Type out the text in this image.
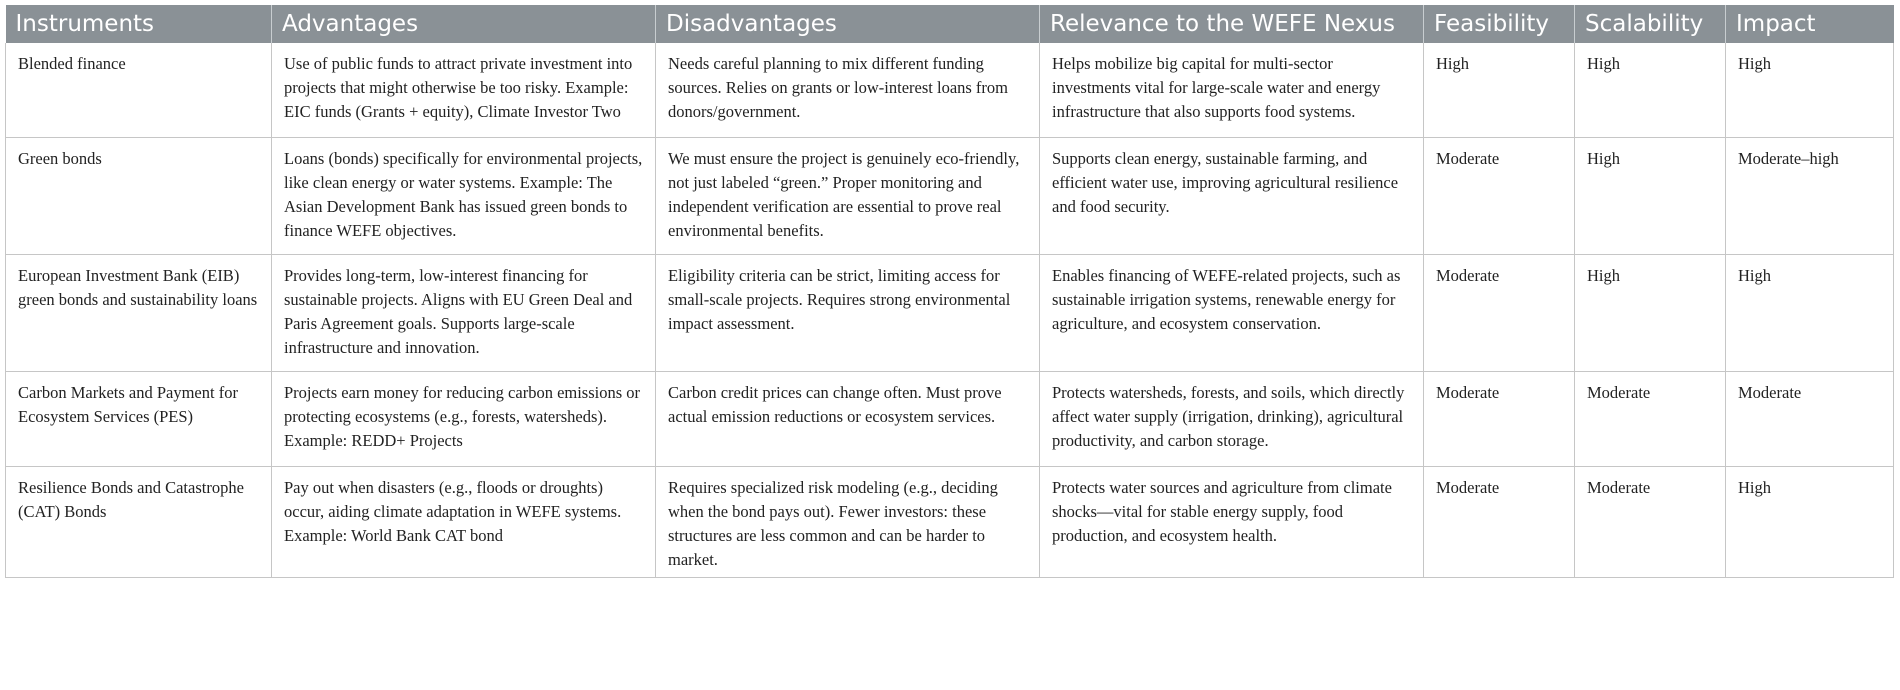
Instruments	Advantages	Disadvantages	Relevance to the WEFE Nexus	Feasibility	Scalability	Impact
Blended finance	Use of public funds to attract private investment into projects that might otherwise be too risky. Example: EIC funds (Grants + equity), Climate Investor Two	Needs careful planning to mix different funding sources. Relies on grants or low-interest loans from donors/government.	Helps mobilize big capital for multi-sector investments vital for large-scale water and energy infrastructure that also supports food systems.	High	High	High
Green bonds	Loans (bonds) specifically for environmental projects, like clean energy or water systems. Example: The Asian Development Bank has issued green bonds to finance WEFE objectives.	We must ensure the project is genuinely eco-friendly, not just labeled “green.” Proper monitoring and independent verification are essential to prove real environmental benefits.	Supports clean energy, sustainable farming, and efficient water use, improving agricultural resilience and food security.	Moderate	High	Moderate–high
European Investment Bank (EIB) green bonds and sustainability loans	Provides long-term, low-interest financing for sustainable projects. Aligns with EU Green Deal and Paris Agreement goals. Supports large-scale infrastructure and innovation.	Eligibility criteria can be strict, limiting access for small-scale projects. Requires strong environmental impact assessment.	Enables financing of WEFE-related projects, such as sustainable irrigation systems, renewable energy for agriculture, and ecosystem conservation.	Moderate	High	High
Carbon Markets and Payment for Ecosystem Services (PES)	Projects earn money for reducing carbon emissions or protecting ecosystems (e.g., forests, watersheds). Example: REDD+ Projects	Carbon credit prices can change often. Must prove actual emission reductions or ecosystem services.	Protects watersheds, forests, and soils, which directly affect water supply (irrigation, drinking), agricultural productivity, and carbon storage.	Moderate	Moderate	Moderate
Resilience Bonds and Catastrophe (CAT) Bonds	Pay out when disasters (e.g., floods or droughts) occur, aiding climate adaptation in WEFE systems. Example: World Bank CAT bond	Requires specialized risk modeling (e.g., deciding when the bond pays out). Fewer investors: these structures are less common and can be harder to market.	Protects water sources and agriculture from climate shocks—vital for stable energy supply, food production, and ecosystem health.	Moderate	Moderate	High
